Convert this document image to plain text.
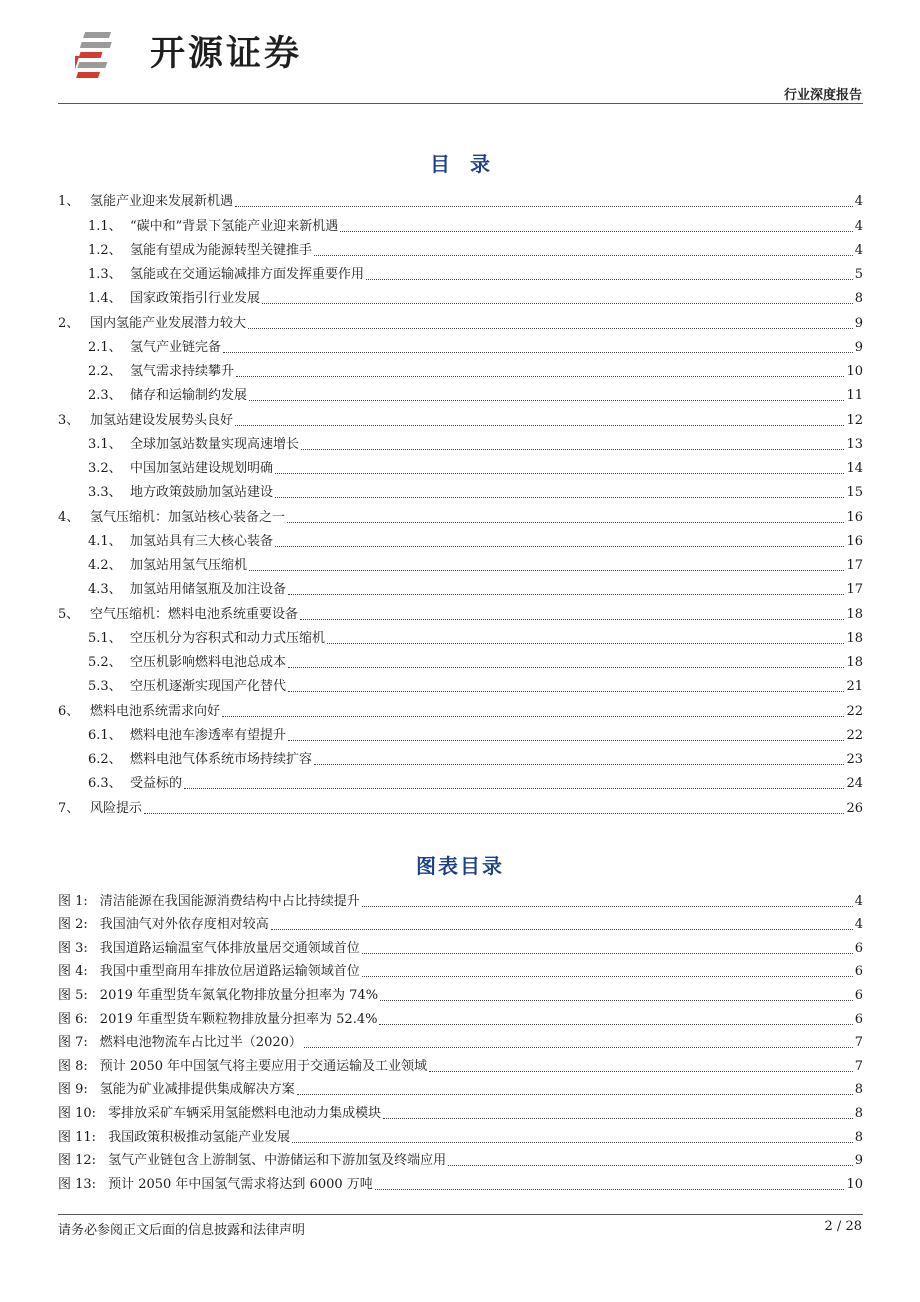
开源证券
行业深度报告
目录
1、 氢能产业迎来发展新机遇	4
1.1、 “碳中和”背景下氢能产业迎来新机遇	4
1.2、 氢能有望成为能源转型关键推手	4
1.3、 氢能或在交通运输减排方面发挥重要作用	5
1.4、 国家政策指引行业发展	8
2、 国内氢能产业发展潜力较大	9
2.1、 氢气产业链完备	9
2.2、 氢气需求持续攀升	10
2.3、 储存和运输制约发展	11
3、 加氢站建设发展势头良好	12
3.1、 全球加氢站数量实现高速增长	13
3.2、 中国加氢站建设规划明确	14
3.3、 地方政策鼓励加氢站建设	15
4、 氢气压缩机：加氢站核心装备之一	16
4.1、 加氢站具有三大核心装备	16
4.2、 加氢站用氢气压缩机	17
4.3、 加氢站用储氢瓶及加注设备	17
5、 空气压缩机：燃料电池系统重要设备	18
5.1、 空压机分为容积式和动力式压缩机	18
5.2、 空压机影响燃料电池总成本	18
5.3、 空压机逐渐实现国产化替代	21
6、 燃料电池系统需求向好	22
6.1、 燃料电池车渗透率有望提升	22
6.2、 燃料电池气体系统市场持续扩容	23
6.3、 受益标的	24
7、 风险提示	26
图表目录
图 1: 清洁能源在我国能源消费结构中占比持续提升	4
图 2: 我国油气对外依存度相对较高	4
图 3: 我国道路运输温室气体排放量居交通领域首位	6
图 4: 我国中重型商用车排放位居道路运输领域首位	6
图 5: 2019 年重型货车氮氧化物排放量分担率为 74%	6
图 6: 2019 年重型货车颗粒物排放量分担率为 52.4%	6
图 7: 燃料电池物流车占比过半（2020）	7
图 8: 预计 2050 年中国氢气将主要应用于交通运输及工业领域	7
图 9: 氢能为矿业减排提供集成解决方案	8
图 10: 零排放采矿车辆采用氢能燃料电池动力集成模块	8
图 11: 我国政策积极推动氢能产业发展	8
图 12: 氢气产业链包含上游制氢、中游储运和下游加氢及终端应用	9
图 13: 预计 2050 年中国氢气需求将达到 6000 万吨	10
请务必参阅正文后面的信息披露和法律声明	2 / 28
